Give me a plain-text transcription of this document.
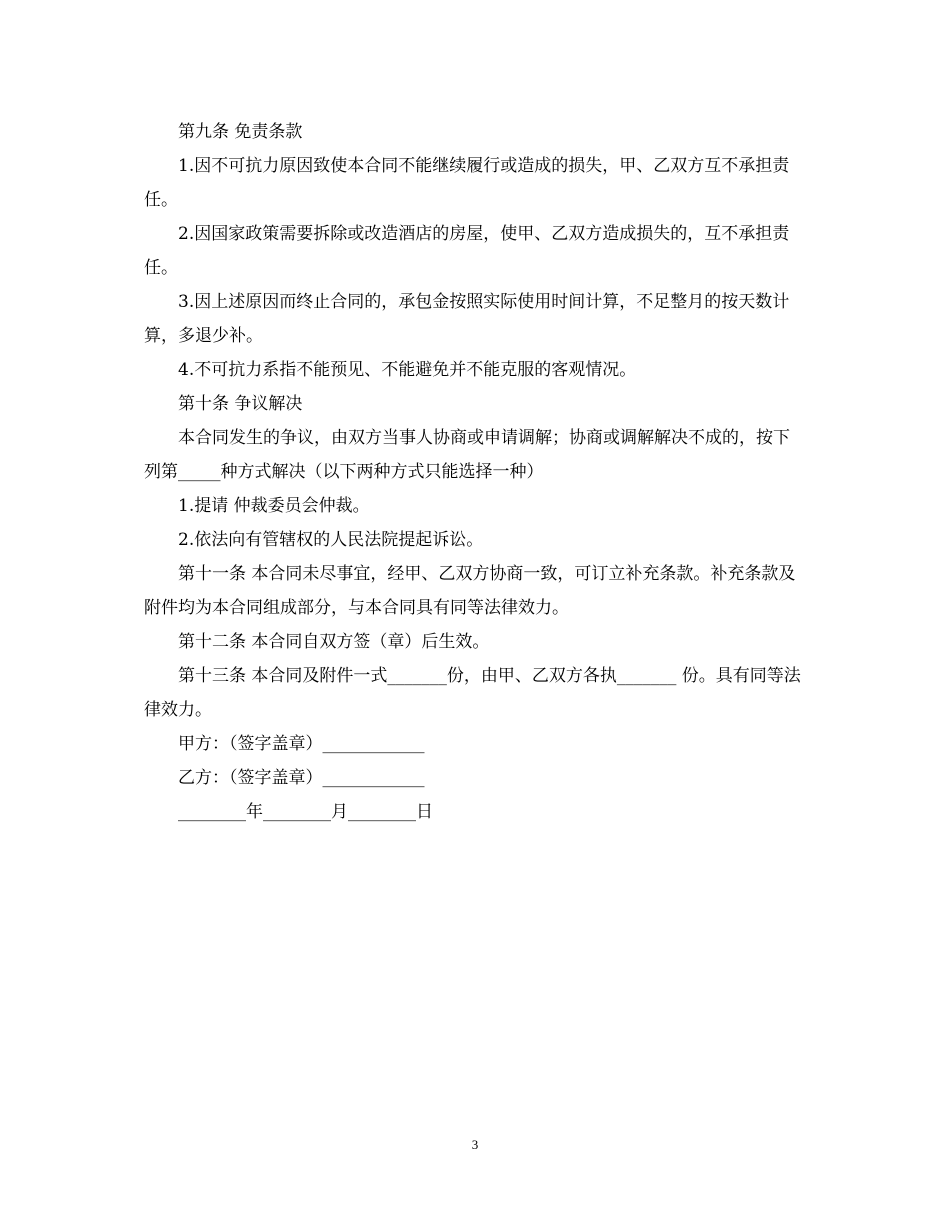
第九条 免责条款

1.因不可抗力原因致使本合同不能继续履行或造成的损失，甲、乙双方互不承担责任。

2.因国家政策需要拆除或改造酒店的房屋，使甲、乙双方造成损失的，互不承担责任。

3.因上述原因而终止合同的，承包金按照实际使用时间计算，不足整月的按天数计算，多退少补。

4.不可抗力系指不能预见、不能避免并不能克服的客观情况。

第十条 争议解决

本合同发生的争议，由双方当事人协商或申请调解；协商或调解解决不成的，按下列第_____种方式解决（以下两种方式只能选择一种）

1.提请 仲裁委员会仲裁。

2.依法向有管辖权的人民法院提起诉讼。

第十一条 本合同未尽事宜，经甲、乙双方协商一致，可订立补充条款。补充条款及附件均为本合同组成部分，与本合同具有同等法律效力。

第十二条 本合同自双方签（章）后生效。

第十三条 本合同及附件一式_______份，由甲、乙双方各执_______ 份。具有同等法律效力。

甲方：（签字盖章）____________

乙方：（签字盖章）____________

________年________月________日

3
